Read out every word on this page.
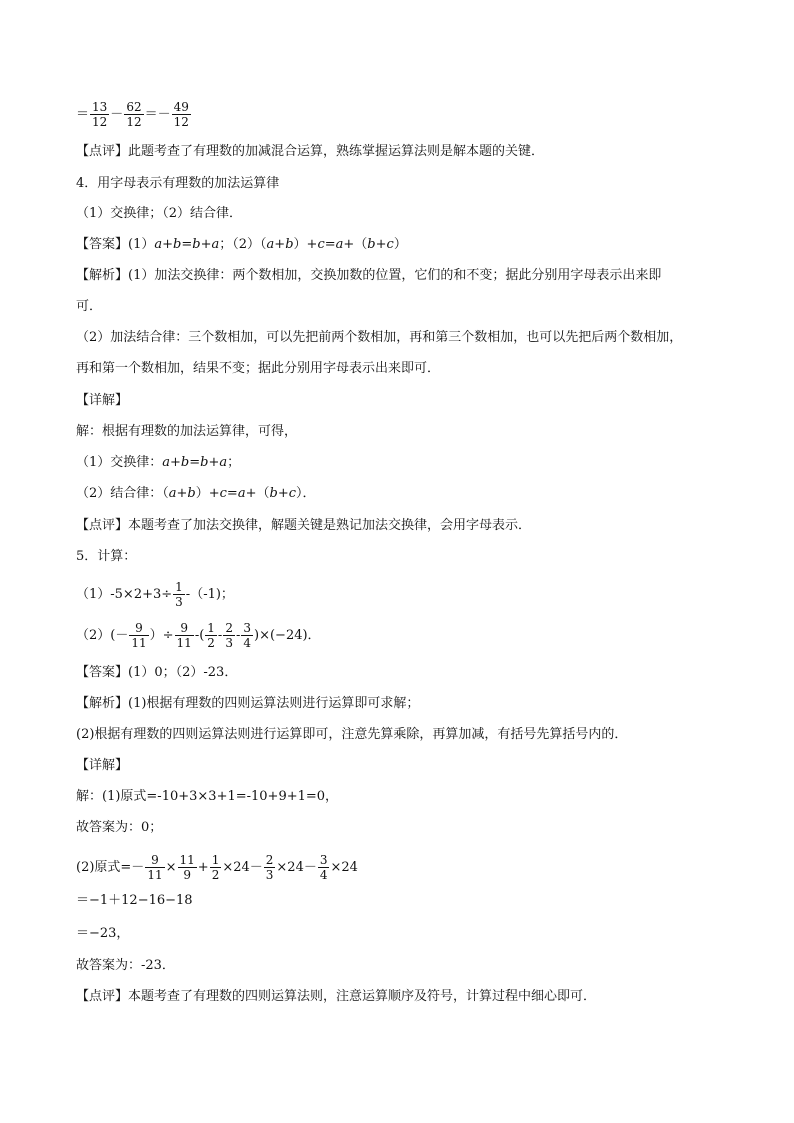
＝ $\frac{13}{12} - \frac{62}{12} =- \frac{49}{12}$
【点评】此题考查了有理数的加减混合运算，熟练掌握运算法则是解本题的关键．
4．用字母表示有理数的加法运算律
（1）交换律；（2）结合律．
【答案】(1）a+b=b+a；（2）（a+b）+c=a+（b+c）
【解析】(1）加法交换律：两个数相加，交换加数的位置，它们的和不变；据此分别用字母表示出来即
可．
（2）加法结合律：三个数相加，可以先把前两个数相加，再和第三个数相加，也可以先把后两个数相加，
再和第一个数相加，结果不变；据此分别用字母表示出来即可．
【详解】
解：根据有理数的加法运算律，可得，
（1）交换律：a+b=b+a；
（2）结合律：（a+b）+c=a+（b+c）．
【点评】本题考查了加法交换律，解题关键是熟记加法交换律，会用字母表示．
5．计算：
$(1)-5\times 2+3\div \frac{1}{3} -(-1)$；
$(2)(- \frac{9}{11}$ ）÷ $\frac{9}{11}$ -( $\frac{1}{2} - \frac{2}{3} - \frac{3}{4} )\times(-24)$．
【答案】(1）0；（2）-23．
【解析】(1)根据有理数的四则运算法则进行运算即可求解；
(2)根据有理数的四则运算法则进行运算即可，注意先算乘除，再算加减，有括号先算括号内的．
【详解】
解：(1)原式=-10+3×3+1=-10+9+1=0，
故答案为：0；
(2)原式=－ $\frac{9}{11} \times \frac{11}{9} + \frac{1}{2} \times 24- \frac{2}{3} \times 24- \frac{3}{4} \times 24$
＝−1＋12−16−18
＝−23，
故答案为：-23．
【点评】本题考查了有理数的四则运算法则，注意运算顺序及符号，计算过程中细心即可．
